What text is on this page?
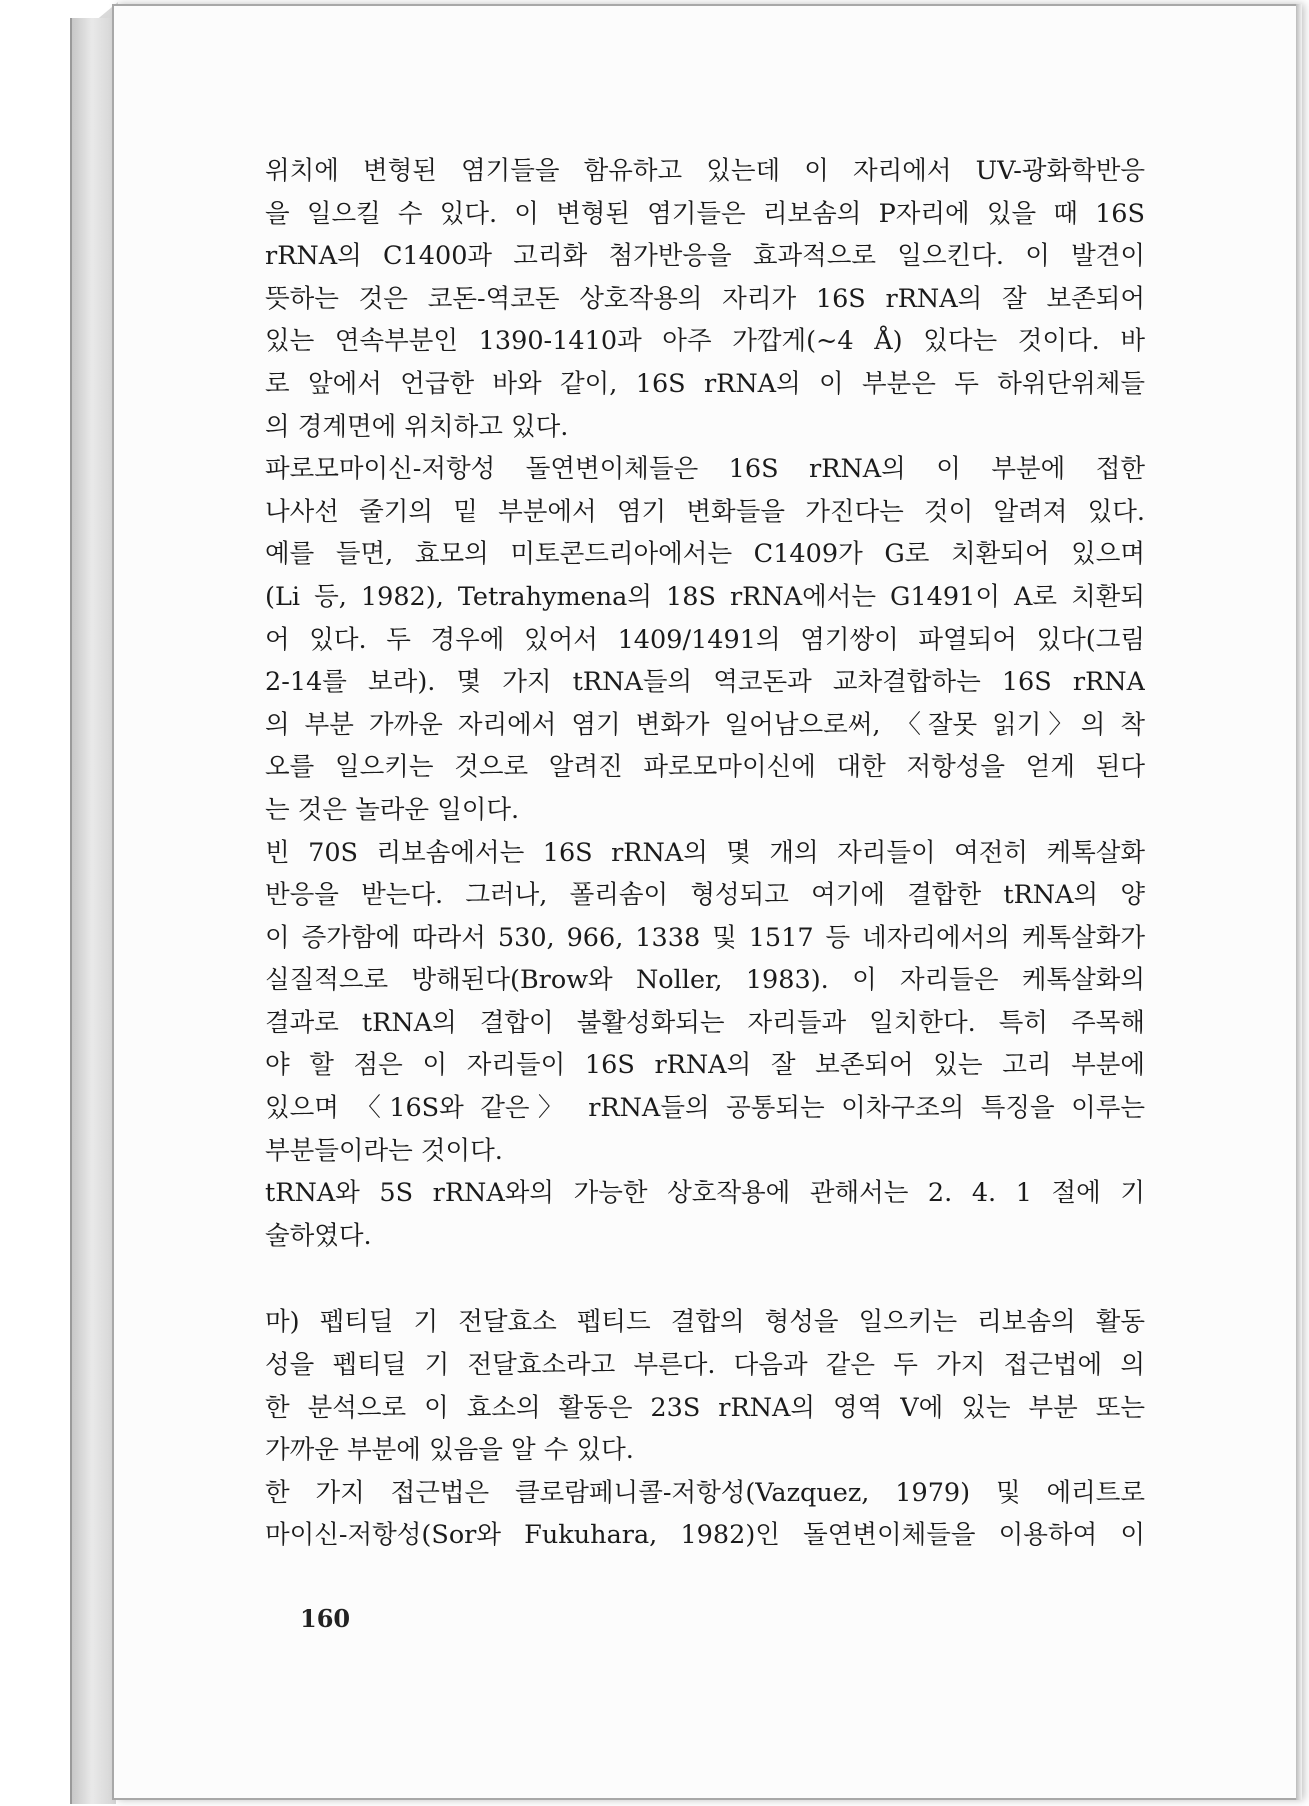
위치에 변형된 염기들을 함유하고 있는데 이 자리에서 UV-광화학반응
을 일으킬 수 있다. 이 변형된 염기들은 리보솜의 P자리에 있을 때 16S
rRNA의 C1400과 고리화 첨가반응을 효과적으로 일으킨다. 이 발견이
뜻하는 것은 코돈-역코돈 상호작용의 자리가 16S rRNA의 잘 보존되어
있는 연속부분인 1390-1410과 아주 가깝게(~4 Å) 있다는 것이다. 바
로 앞에서 언급한 바와 같이, 16S rRNA의 이 부분은 두 하위단위체들
의 경계면에 위치하고 있다.
파로모마이신-저항성 돌연변이체들은 16S rRNA의 이 부분에 접한
나사선 줄기의 밑 부분에서 염기 변화들을 가진다는 것이 알려져 있다.
예를 들면, 효모의 미토콘드리아에서는 C1409가 G로 치환되어 있으며
(Li 등, 1982), Tetrahymena의 18S rRNA에서는 G1491이 A로 치환되
어 있다. 두 경우에 있어서 1409/1491의 염기쌍이 파열되어 있다(그림
2-14를 보라). 몇 가지 tRNA들의 역코돈과 교차결합하는 16S rRNA
의 부분 가까운 자리에서 염기 변화가 일어남으로써, 〈잘못 읽기〉의 착
오를 일으키는 것으로 알려진 파로모마이신에 대한 저항성을 얻게 된다
는 것은 놀라운 일이다.
빈 70S 리보솜에서는 16S rRNA의 몇 개의 자리들이 여전히 케톡살화
반응을 받는다. 그러나, 폴리솜이 형성되고 여기에 결합한 tRNA의 양
이 증가함에 따라서 530, 966, 1338 및 1517 등 네자리에서의 케톡살화가
실질적으로 방해된다(Brow와 Noller, 1983). 이 자리들은 케톡살화의
결과로 tRNA의 결합이 불활성화되는 자리들과 일치한다. 특히 주목해
야 할 점은 이 자리들이 16S rRNA의 잘 보존되어 있는 고리 부분에
있으며 〈16S와 같은〉 rRNA들의 공통되는 이차구조의 특징을 이루는
부분들이라는 것이다.
tRNA와 5S rRNA와의 가능한 상호작용에 관해서는 2. 4. 1 절에 기
술하였다.
마) 펩티딜 기 전달효소 펩티드 결합의 형성을 일으키는 리보솜의 활동
성을 펩티딜 기 전달효소라고 부른다. 다음과 같은 두 가지 접근법에 의
한 분석으로 이 효소의 활동은 23S rRNA의 영역 V에 있는 부분 또는
가까운 부분에 있음을 알 수 있다.
한 가지 접근법은 클로람페니콜-저항성(Vazquez, 1979) 및 에리트로
마이신-저항성(Sor와 Fukuhara, 1982)인 돌연변이체들을 이용하여 이
160
